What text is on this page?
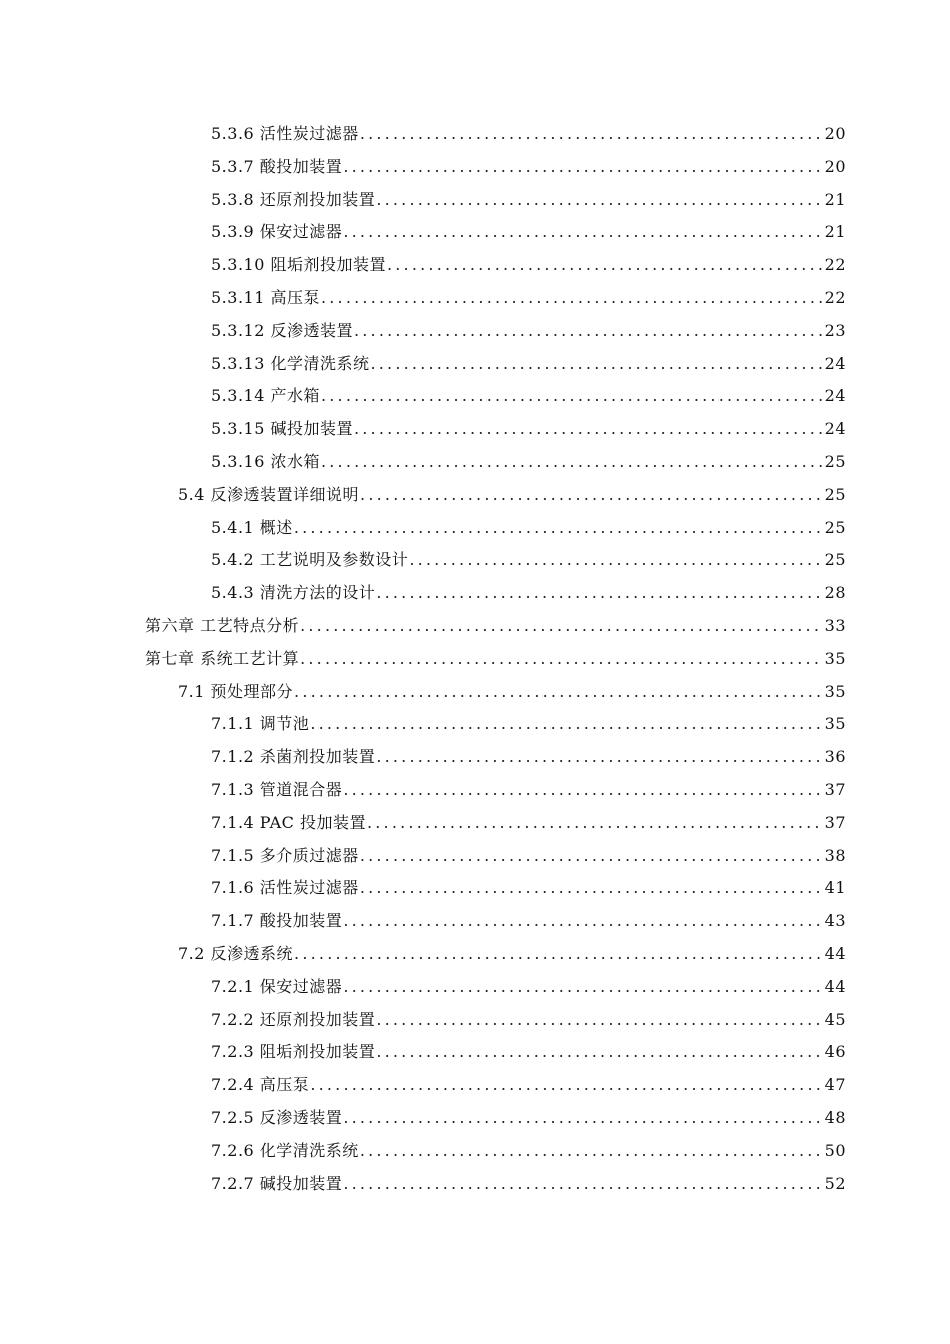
5.3.6 活性炭过滤器 .....	20
5.3.7 酸投加装置 .....	20
5.3.8 还原剂投加装置 .....	21
5.3.9 保安过滤器 .....	21
5.3.10 阻垢剂投加装置 .....	22
5.3.11 高压泵 .....	22
5.3.12 反渗透装置 .....	23
5.3.13 化学清洗系统 .....	24
5.3.14 产水箱 .....	24
5.3.15 碱投加装置 .....	24
5.3.16 浓水箱 .....	25
5.4 反渗透装置详细说明 .....	25
5.4.1 概述 .....	25
5.4.2 工艺说明及参数设计 .....	25
5.4.3 清洗方法的设计 .....	28
第六章 工艺特点分析 .....	33
第七章 系统工艺计算 .....	35
7.1 预处理部分 .....	35
7.1.1 调节池 .....	35
7.1.2 杀菌剂投加装置 .....	36
7.1.3 管道混合器 .....	37
7.1.4 PAC 投加装置 .....	37
7.1.5 多介质过滤器 .....	38
7.1.6 活性炭过滤器 .....	41
7.1.7 酸投加装置 .....	43
7.2 反渗透系统 .....	44
7.2.1 保安过滤器 .....	44
7.2.2 还原剂投加装置 .....	45
7.2.3 阻垢剂投加装置 .....	46
7.2.4 高压泵 .....	47
7.2.5 反渗透装置 .....	48
7.2.6 化学清洗系统 .....	50
7.2.7 碱投加装置 .....	52
